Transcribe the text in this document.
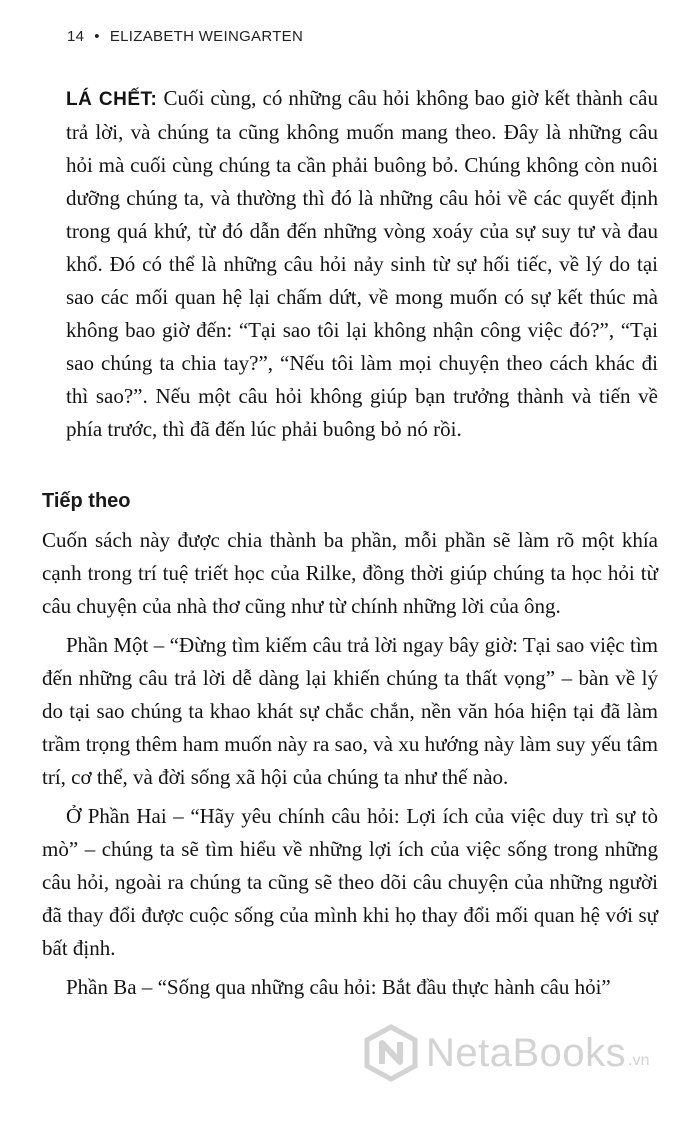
14 • ELIZABETH WEINGARTEN

LÁ CHẾT: Cuối cùng, có những câu hỏi không bao giờ kết thành câu trả lời, và chúng ta cũng không muốn mang theo. Đây là những câu hỏi mà cuối cùng chúng ta cần phải buông bỏ. Chúng không còn nuôi dưỡng chúng ta, và thường thì đó là những câu hỏi về các quyết định trong quá khứ, từ đó dẫn đến những vòng xoáy của sự suy tư và đau khổ. Đó có thể là những câu hỏi nảy sinh từ sự hối tiếc, về lý do tại sao các mối quan hệ lại chấm dứt, về mong muốn có sự kết thúc mà không bao giờ đến: “Tại sao tôi lại không nhận công việc đó?”, “Tại sao chúng ta chia tay?”, “Nếu tôi làm mọi chuyện theo cách khác đi thì sao?”. Nếu một câu hỏi không giúp bạn trưởng thành và tiến về phía trước, thì đã đến lúc phải buông bỏ nó rồi.

Tiếp theo

Cuốn sách này được chia thành ba phần, mỗi phần sẽ làm rõ một khía cạnh trong trí tuệ triết học của Rilke, đồng thời giúp chúng ta học hỏi từ câu chuyện của nhà thơ cũng như từ chính những lời của ông.

Phần Một – “Đừng tìm kiếm câu trả lời ngay bây giờ: Tại sao việc tìm đến những câu trả lời dễ dàng lại khiến chúng ta thất vọng” – bàn về lý do tại sao chúng ta khao khát sự chắc chắn, nền văn hóa hiện tại đã làm trầm trọng thêm ham muốn này ra sao, và xu hướng này làm suy yếu tâm trí, cơ thể, và đời sống xã hội của chúng ta như thế nào.

Ở Phần Hai – “Hãy yêu chính câu hỏi: Lợi ích của việc duy trì sự tò mò” – chúng ta sẽ tìm hiểu về những lợi ích của việc sống trong những câu hỏi, ngoài ra chúng ta cũng sẽ theo dõi câu chuyện của những người đã thay đổi được cuộc sống của mình khi họ thay đổi mối quan hệ với sự bất định.

Phần Ba – “Sống qua những câu hỏi: Bắt đầu thực hành câu hỏi”

NetaBooks .vn
